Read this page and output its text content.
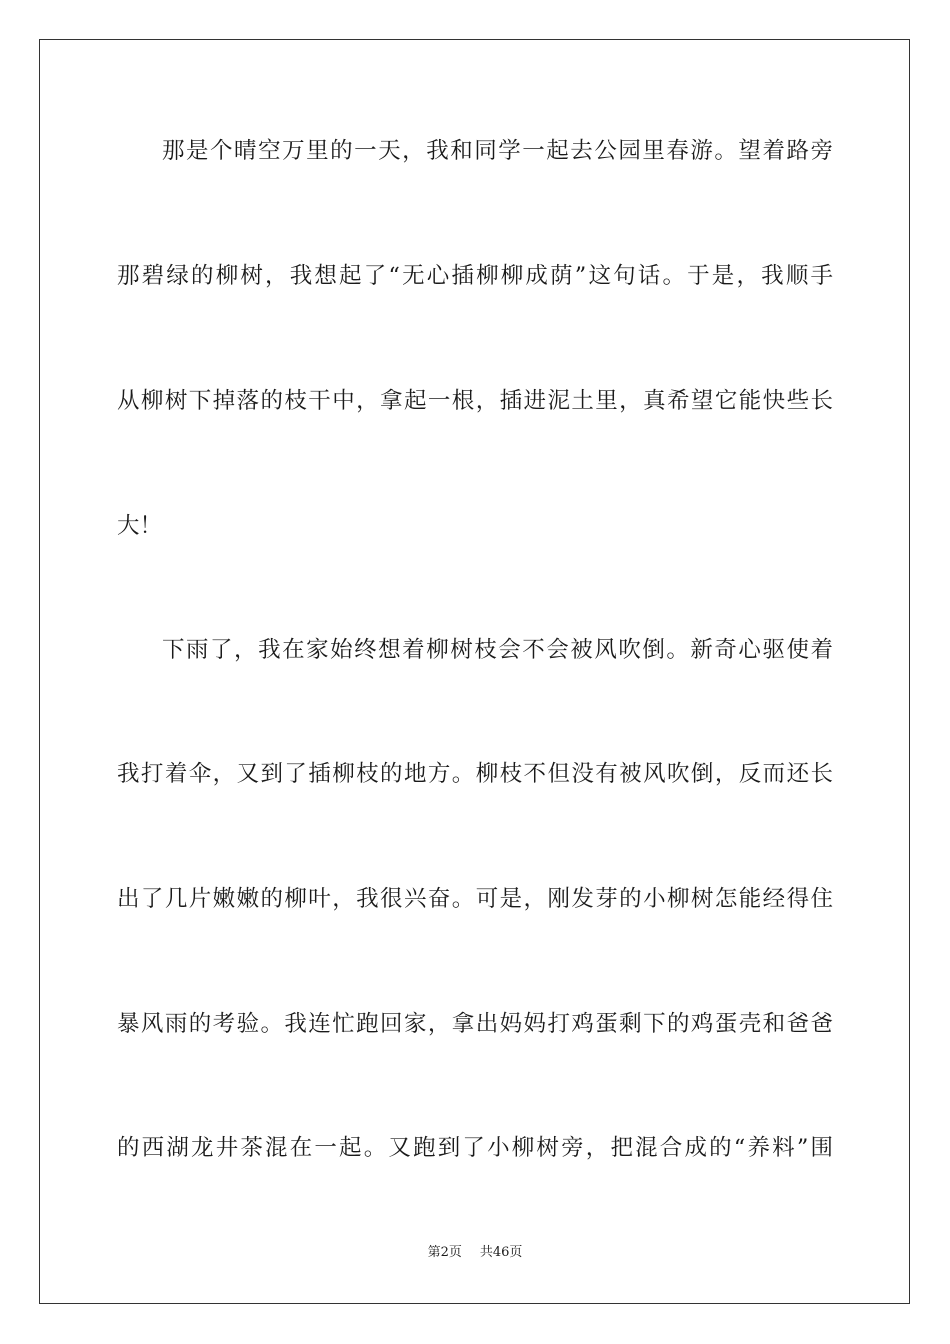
那是个晴空万里的一天，我和同学一起去公园里春游。望着路旁
那碧绿的柳树，我想起了“无心插柳柳成荫”这句话。于是，我顺手
从柳树下掉落的枝干中，拿起一根，插进泥土里，真希望它能快些长
大！
下雨了，我在家始终想着柳树枝会不会被风吹倒。新奇心驱使着
我打着伞，又到了插柳枝的地方。柳枝不但没有被风吹倒，反而还长
出了几片嫩嫩的柳叶，我很兴奋。可是，刚发芽的小柳树怎能经得住
暴风雨的考验。我连忙跑回家，拿出妈妈打鸡蛋剩下的鸡蛋壳和爸爸
的西湖龙井茶混在一起。又跑到了小柳树旁，把混合成的“养料”围
第2页 共46页
